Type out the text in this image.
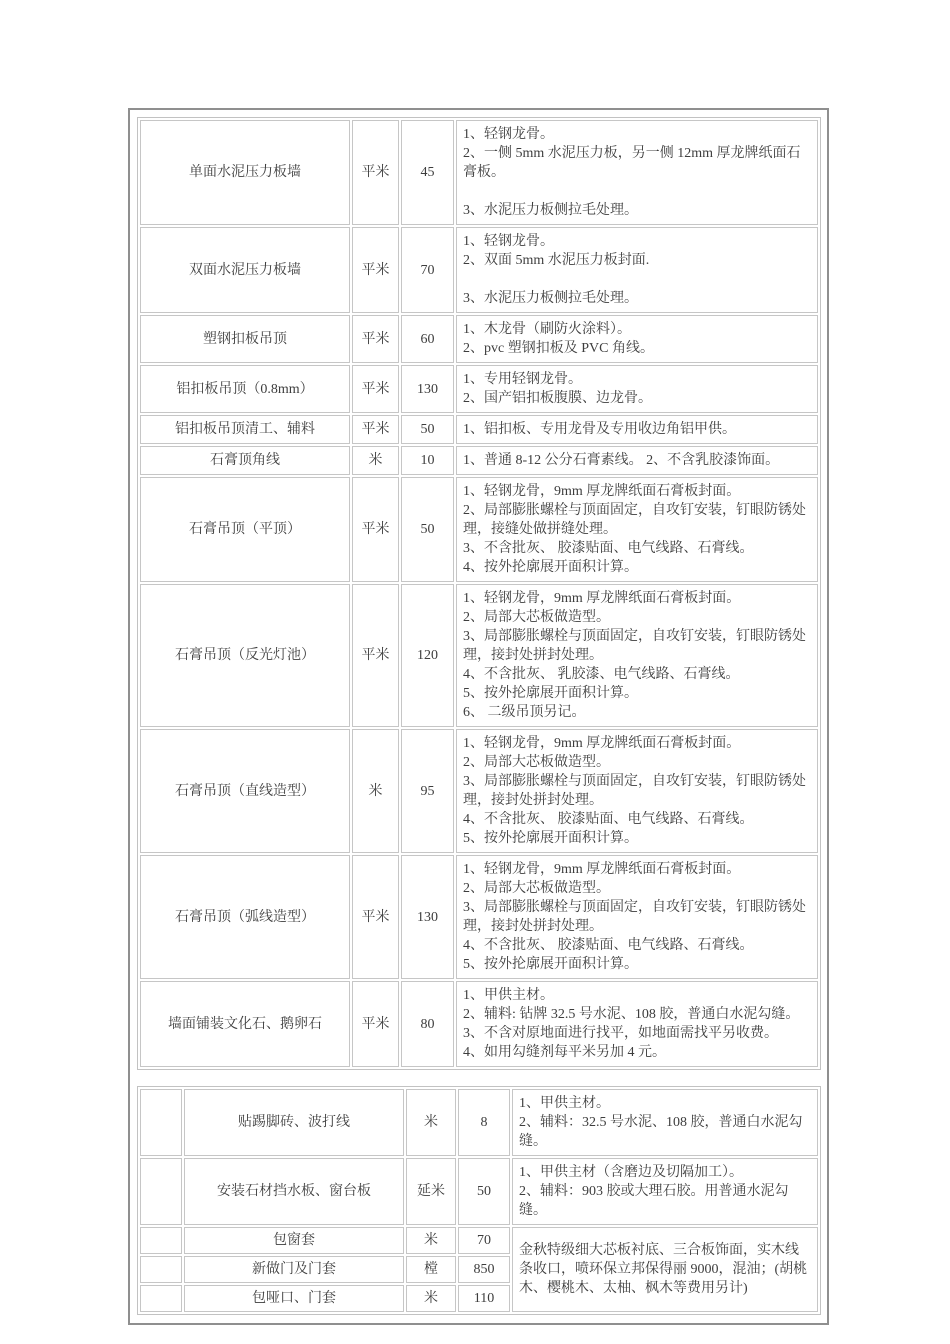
单面水泥压力板墙	平米	45	1、轻钢龙骨。

2、一侧 5mm 水泥压力板，另一侧 12mm 厚龙牌纸面石膏板。

3、水泥压力板侧拉毛处理。

双面水泥压力板墙	平米	70	1、轻钢龙骨。

2、双面 5mm 水泥压力板封面.

3、水泥压力板侧拉毛处理。

塑钢扣板吊顶	平米	60	1、木龙骨（刷防火涂料）。

2、pvc 塑钢扣板及 PVC 角线。

铝扣板吊顶（0.8mm）	平米	130	1、专用轻钢龙骨。

2、国产铝扣板腹膜、边龙骨。

铝扣板吊顶清工、辅料	平米	50	1、铝扣板、专用龙骨及专用收边角铝甲供。

石膏顶角线	米	10	1、普通 8-12 公分石膏素线。 2、不含乳胶漆饰面。

石膏吊顶（平顶）	平米	50	1、轻钢龙骨，9mm 厚龙牌纸面石膏板封面。

2、局部膨胀螺栓与顶面固定，自攻钉安装，钉眼防锈处理，接缝处做拼缝处理。

3、不含批灰、 胶漆贴面、电气线路、石膏线。

4、按外抡廓展开面积计算。

石膏吊顶（反光灯池）	平米	120	

1、轻钢龙骨，9mm 厚龙牌纸面石膏板封面。

2、局部大芯板做造型。

3、局部膨胀螺栓与顶面固定，自攻钉安装，钉眼防锈处理，接封处拼封处理。

4、不含批灰、 乳胶漆、电气线路、石膏线。

5、按外抡廓展开面积计算。

6、 二级吊顶另记。

石膏吊顶（直线造型）	米	95	1、轻钢龙骨，9mm 厚龙牌纸面石膏板封面。

2、局部大芯板做造型。

3、局部膨胀螺栓与顶面固定，自攻钉安装，钉眼防锈处理，接封处拼封处理。

4、不含批灰、 胶漆贴面、电气线路、石膏线。

5、按外抡廓展开面积计算。

石膏吊顶（弧线造型）	平米	130	1、轻钢龙骨，9mm 厚龙牌纸面石膏板封面。

2、局部大芯板做造型。

3、局部膨胀螺栓与顶面固定，自攻钉安装，钉眼防锈处理，接封处拼封处理。

4、不含批灰、 胶漆贴面、电气线路、石膏线。

5、按外抡廓展开面积计算。

墙面铺装文化石、鹅卵石	平米	80	1、甲供主材。

2、辅料: 钻牌 32.5 号水泥、108 胶，普通白水泥勾缝。3、不含对原地面进行找平，如地面需找平另收费。

4、如用勾缝剂每平米另加 4 元。

	贴踢脚砖、波打线	米	8	1、甲供主材。

2、辅料：32.5 号水泥、108 胶，普通白水泥勾缝。

	安装石材挡水板、窗台板	延米	50	1、甲供主材（含磨边及切隔加工）。

2、辅料：903 胶或大理石胶。用普通水泥勾缝。

	包窗套	米	70	金秋特级细大芯板衬底、三合板饰面，实木线条收口，喷环保立邦保得丽 9000，混油；(胡桃木、樱桃木、太柚、枫木等费用另计)
	新做门及门套	樘	850	
	包哑口、门套	米	110	
